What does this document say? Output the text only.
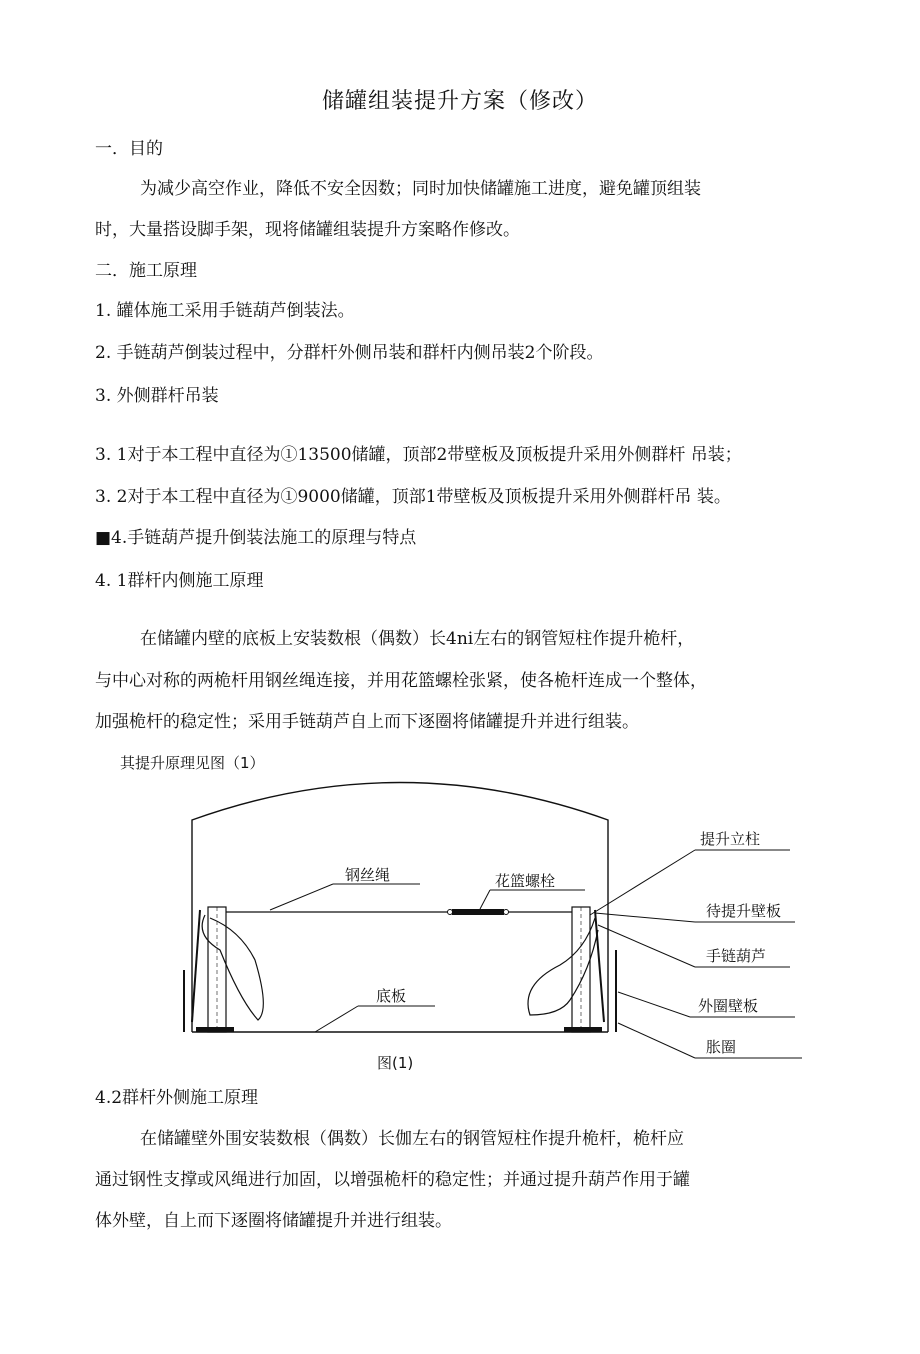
储罐组装提升方案（修改）
一．目的
为减少高空作业，降低不安全因数；同时加快储罐施工进度，避免罐顶组装
时，大量搭设脚手架，现将储罐组装提升方案略作修改。
二．施工原理
1. 罐体施工采用手链葫芦倒装法。
2. 手链葫芦倒装过程中，分群杆外侧吊装和群杆内侧吊装2个阶段。
3. 外侧群杆吊装
3. 1对于本工程中直径为①13500储罐，顶部2带壁板及顶板提升采用外侧群杆 吊装；
3. 2对于本工程中直径为①9000储罐，顶部1带壁板及顶板提升采用外侧群杆吊 装。
■4.手链葫芦提升倒装法施工的原理与特点
4. 1群杆内侧施工原理
在储罐内壁的底板上安装数根（偶数）长4ni左右的钢管短柱作提升桅杆，
与中心对称的两桅杆用钢丝绳连接，并用花篮螺栓张紧，使各桅杆连成一个整体，
加强桅杆的稳定性；采用手链葫芦自上而下逐圈将储罐提升并进行组装。
其提升原理见图（1）
钢丝绳	花篮螺栓
底板
提升立柱
待提升壁板
手链葫芦
外圈壁板
胀圈
图(1)
4.2群杆外侧施工原理
在储罐壁外围安装数根（偶数）长伽左右的钢管短柱作提升桅杆，桅杆应
通过钢性支撑或风绳进行加固，以增强桅杆的稳定性；并通过提升葫芦作用于罐
体外壁，自上而下逐圈将储罐提升并进行组装。
